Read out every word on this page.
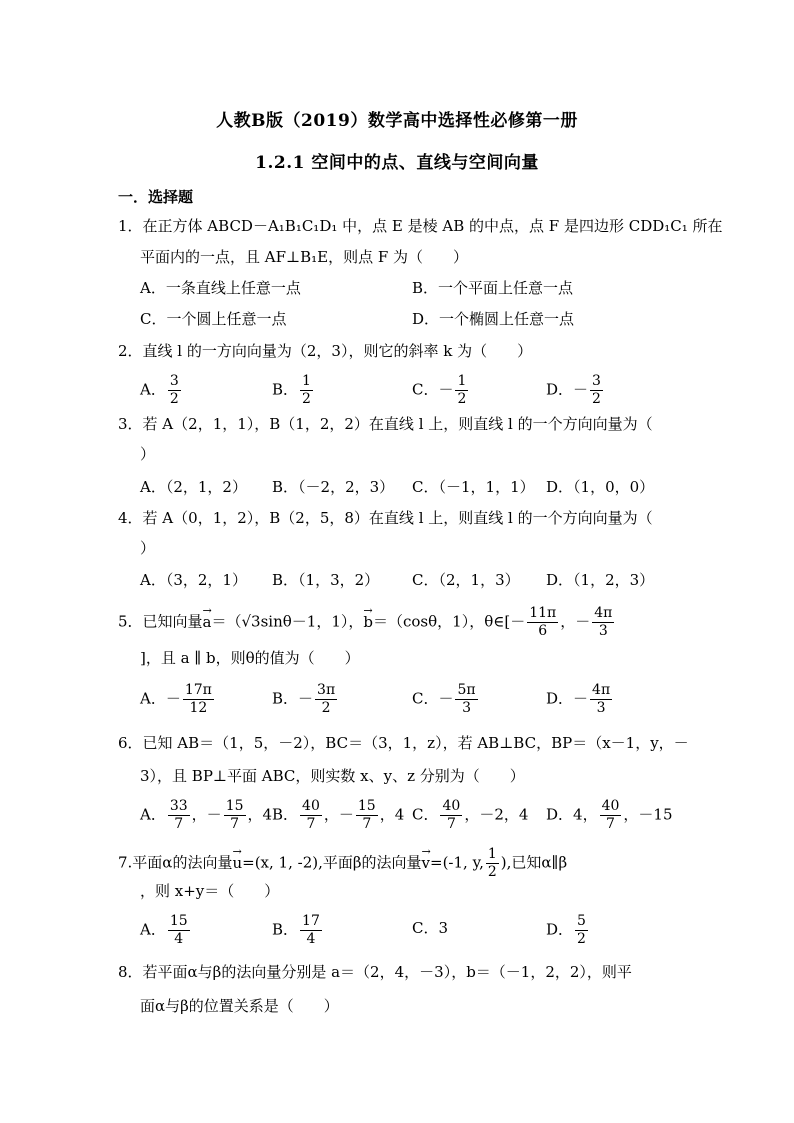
人教B版（2019）数学高中选择性必修第一册
1.2.1 空间中的点、直线与空间向量
一．选择题
1．在正方体 ABCD－A₁B₁C₁D₁ 中，点 E 是棱 AB 的中点，点 F 是四边形 CDD₁C₁ 所在
平面内的一点，且 AF⊥B₁E，则点 F 为（　　）
A．一条直线上任意一点	B．一个平面上任意一点
C．一个圆上任意一点	D．一个椭圆上任意一点
2．直线 l 的一方向向量为（2，3），则它的斜率 k 为（　　）
A． $\frac{3}{2}$	B． $\frac{1}{2}$	C．－ $\frac{1}{2}$	D．－ $\frac{3}{2}$
3．若 A（2，1，1），B（1，2，2）在直线 l 上，则直线 l 的一个方向向量为（
）
A．（2，1，2） B．（－2，2，3） C．（－1，1，1） D．（1，0，0）
4．若 A（0，1，2），B（2，5，8）在直线 l 上，则直线 l 的一个方向向量为（
）
A．（3，2，1） B．（1，3，2） C．（2，1，3） D．（1，2，3）
5．已知向量→ a＝（√3sinθ－1，1），→ b＝（cosθ，1），θ∈[－ $\frac{11\pi}{6}$ ，－ $\frac{4\pi}{3}$
]，且 a ∥ b，则θ的值为（　　）
A．－ $\frac{17\pi}{12}$	B．－ $\frac{3\pi}{2}$	C．－ $\frac{5\pi}{3}$	D．－ $\frac{4\pi}{3}$
6．已知 AB＝（1，5，－2），BC＝（3，1，z），若 AB⊥BC，BP＝（x－1，y，－
3），且 BP⊥平面 ABC，则实数 x、y、z 分别为（　　）
A． $\frac{33}{7}$ ，－ $\frac{15}{7}$ ，4 B． $\frac{40}{7}$ ，－ $\frac{15}{7}$ ，4 C． $\frac{40}{7}$ ，－2，4 D．4， $\frac{40}{7}$ ，－15
7.平面α的法向量→ u=(x, 1, -2),平面β的法向量→ v=(-1, y, $\frac{1}{2}$ ),已知α∥β
，则 x+y＝（　　）
A． $\frac{15}{4}$	B． $\frac{17}{4}$	C．3	D． $\frac{5}{2}$
8．若平面α与β的法向量分别是 a＝（2，4，－3），b＝（－1，2，2），则平
面α与β的位置关系是（　　）
